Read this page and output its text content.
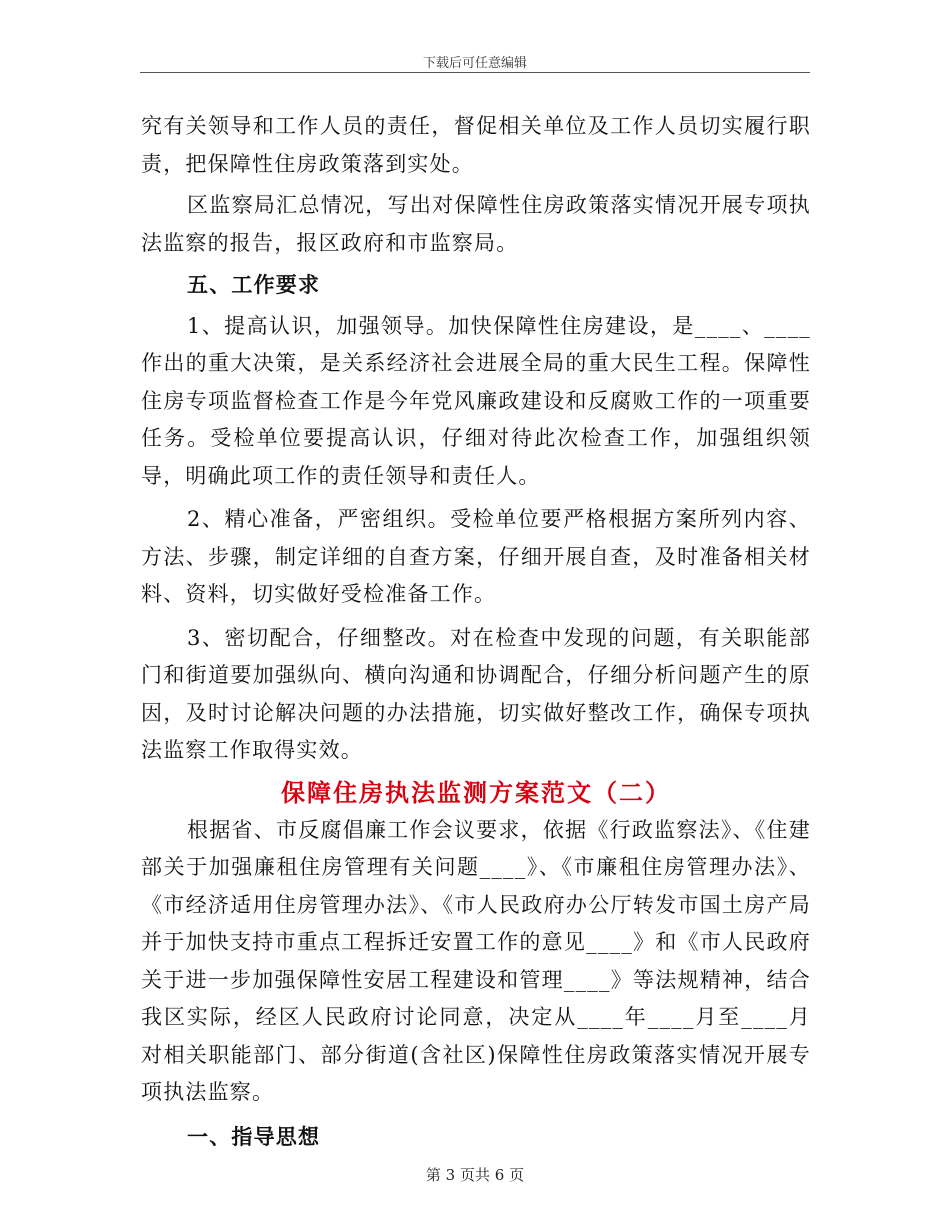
下载后可任意编辑

究有关领导和工作人员的责任，督促相关单位及工作人员切实履行职责，把保障性住房政策落到实处。

区监察局汇总情况，写出对保障性住房政策落实情况开展专项执法监察的报告，报区政府和市监察局。

五、工作要求

1、提高认识，加强领导。加快保障性住房建设，是____、____作出的重大决策，是关系经济社会进展全局的重大民生工程。保障性住房专项监督检查工作是今年党风廉政建设和反腐败工作的一项重要任务。受检单位要提高认识，仔细对待此次检查工作，加强组织领导，明确此项工作的责任领导和责任人。

2、精心准备，严密组织。受检单位要严格根据方案所列内容、方法、步骤，制定详细的自查方案，仔细开展自查，及时准备相关材料、资料，切实做好受检准备工作。

3、密切配合，仔细整改。对在检查中发现的问题，有关职能部门和街道要加强纵向、横向沟通和协调配合，仔细分析问题产生的原因，及时讨论解决问题的办法措施，切实做好整改工作，确保专项执法监察工作取得实效。

保障住房执法监测方案范文（二）

根据省、市反腐倡廉工作会议要求，依据《行政监察法》、《住建部关于加强廉租住房管理有关问题____》、《市廉租住房管理办法》、《市经济适用住房管理办法》、《市人民政府办公厅转发市国土房产局并于加快支持市重点工程拆迁安置工作的意见____》和《市人民政府关于进一步加强保障性安居工程建设和管理____》等法规精神，结合我区实际，经区人民政府讨论同意，决定从____年____月至____月对相关职能部门、部分街道(含社区)保障性住房政策落实情况开展专项执法监察。

一、指导思想

第 3 页共 6 页
